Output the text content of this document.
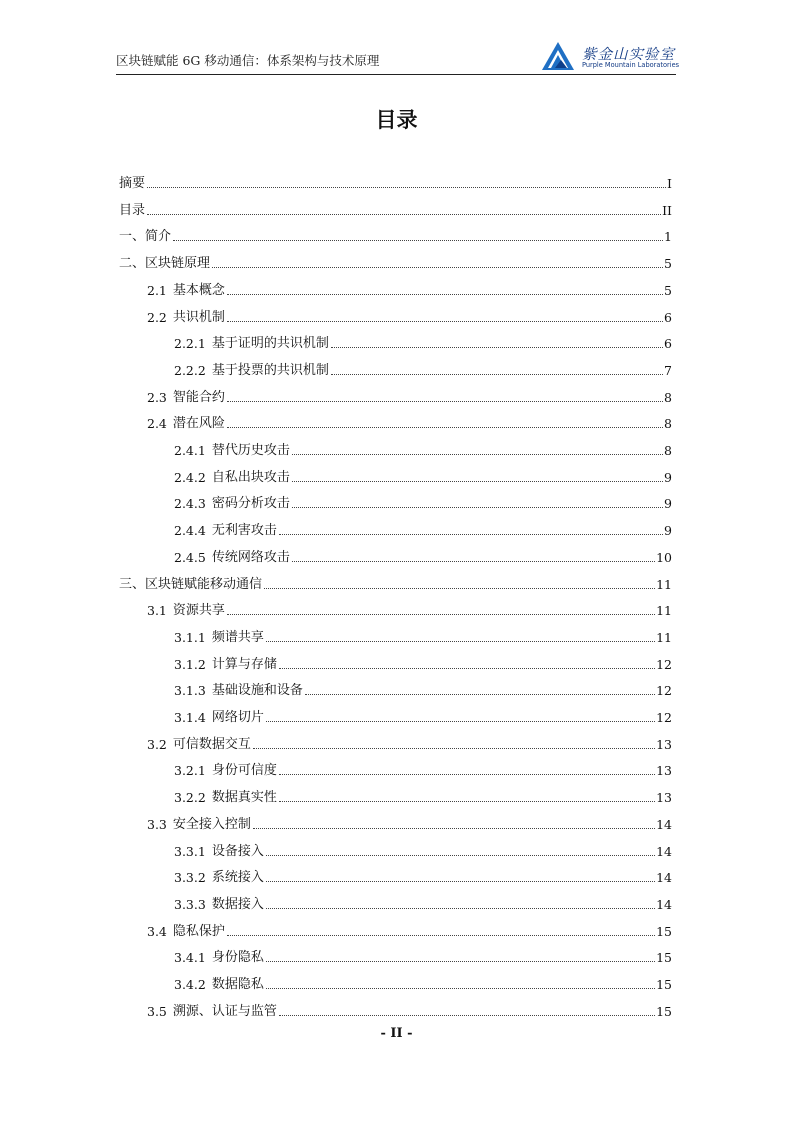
区块链赋能 6G 移动通信：体系架构与技术原理	紫金山实验室
Purple Mountain Laboratories
目录
摘要	I
目录	II
一、简介	1
二、区块链原理	5
2.1 基本概念	5
2.2 共识机制	6
2.2.1 基于证明的共识机制	6
2.2.2 基于投票的共识机制	7
2.3 智能合约	8
2.4 潜在风险	8
2.4.1 替代历史攻击	8
2.4.2 自私出块攻击	9
2.4.3 密码分析攻击	9
2.4.4 无利害攻击	9
2.4.5 传统网络攻击	10
三、区块链赋能移动通信	11
3.1 资源共享	11
3.1.1 频谱共享	11
3.1.2 计算与存储	12
3.1.3 基础设施和设备	12
3.1.4 网络切片	12
3.2 可信数据交互	13
3.2.1 身份可信度	13
3.2.2 数据真实性	13
3.3 安全接入控制	14
3.3.1 设备接入	14
3.3.2 系统接入	14
3.3.3 数据接入	14
3.4 隐私保护	15
3.4.1 身份隐私	15
3.4.2 数据隐私	15
3.5 溯源、认证与监管	15
- II -
